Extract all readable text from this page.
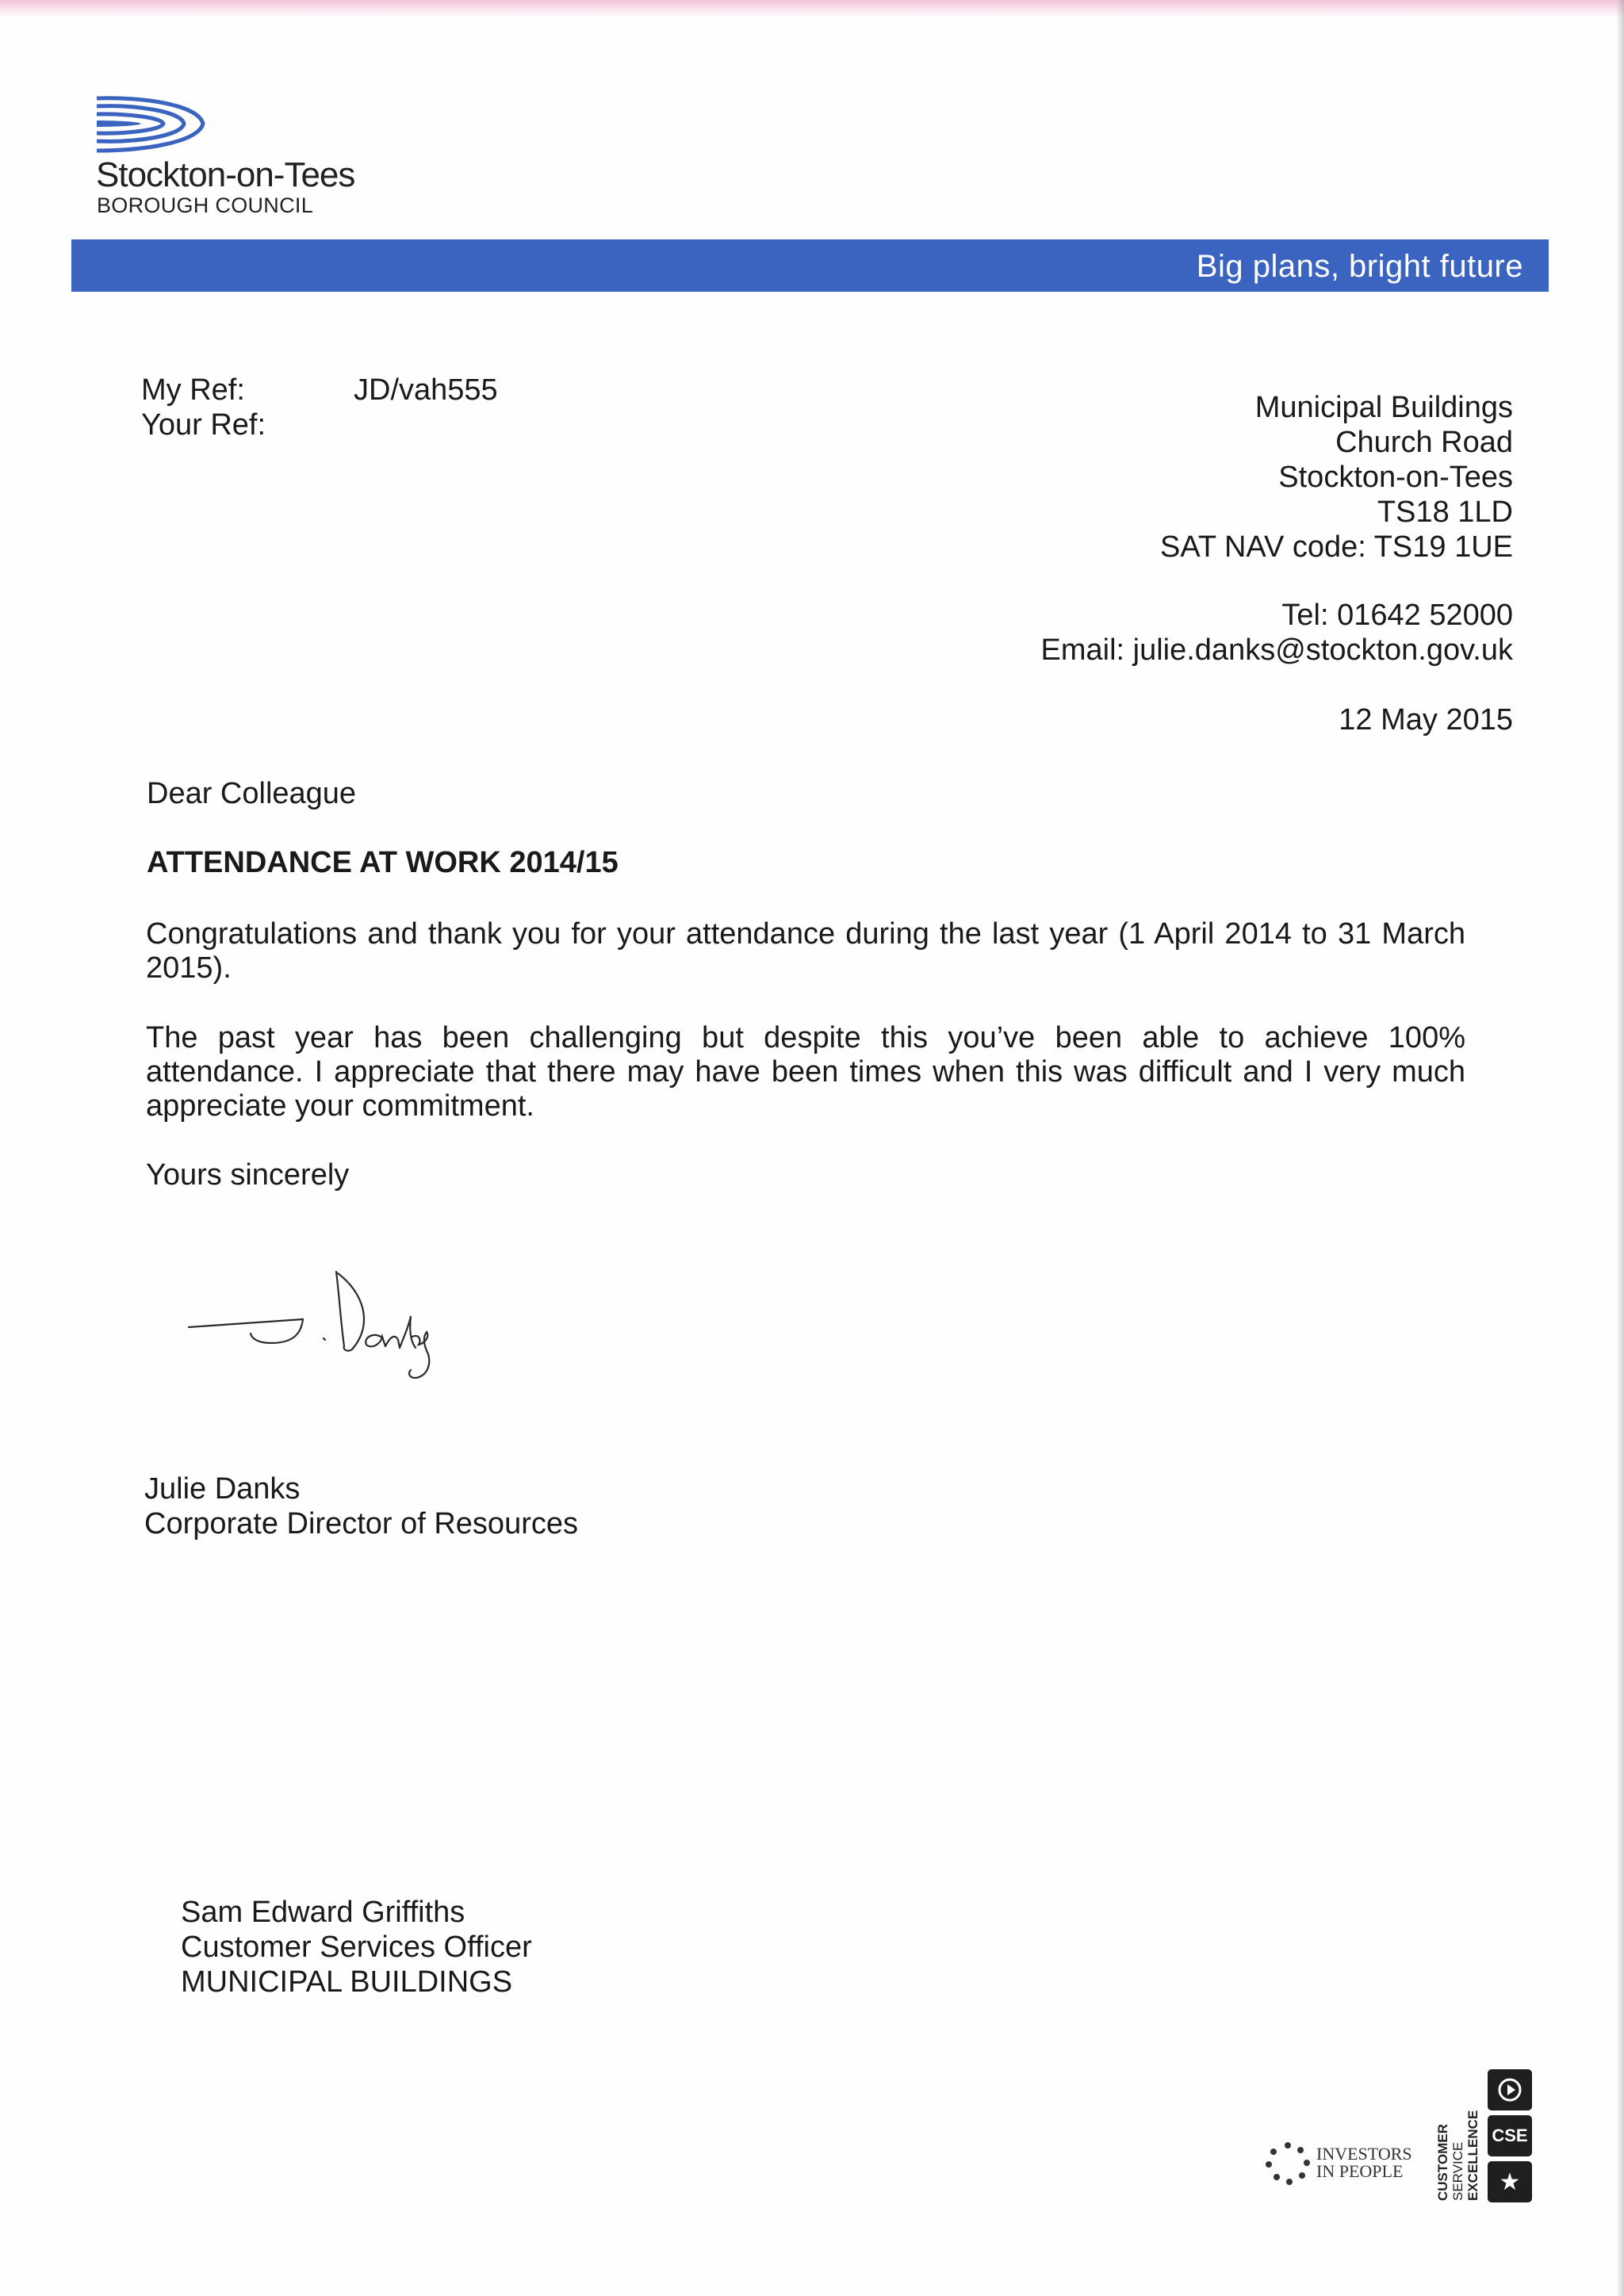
Stockton-on-Tees
BOROUGH COUNCIL
Big plans, bright future
My Ref:
Your Ref:
JD/vah555
Municipal Buildings
Church Road
Stockton-on-Tees
TS18 1LD
SAT NAV code: TS19 1UE
Tel: 01642 52000
Email: julie.danks@stockton.gov.uk
12 May 2015
Dear Colleague
ATTENDANCE AT WORK 2014/15
Congratulations and thank you for your attendance during the last year (1 April 2014 to 31 March
2015).
The past year has been challenging but despite this you’ve been able to achieve 100%
attendance. I appreciate that there may have been times when this was difficult and I very much
appreciate your commitment.
Yours sincerely
Julie Danks
Corporate Director of Resources
Sam Edward Griffiths
Customer Services Officer
MUNICIPAL BUILDINGS
INVESTORS
IN PEOPLE	CUSTOMER SERVICE EXCELLENCE CSE
★
